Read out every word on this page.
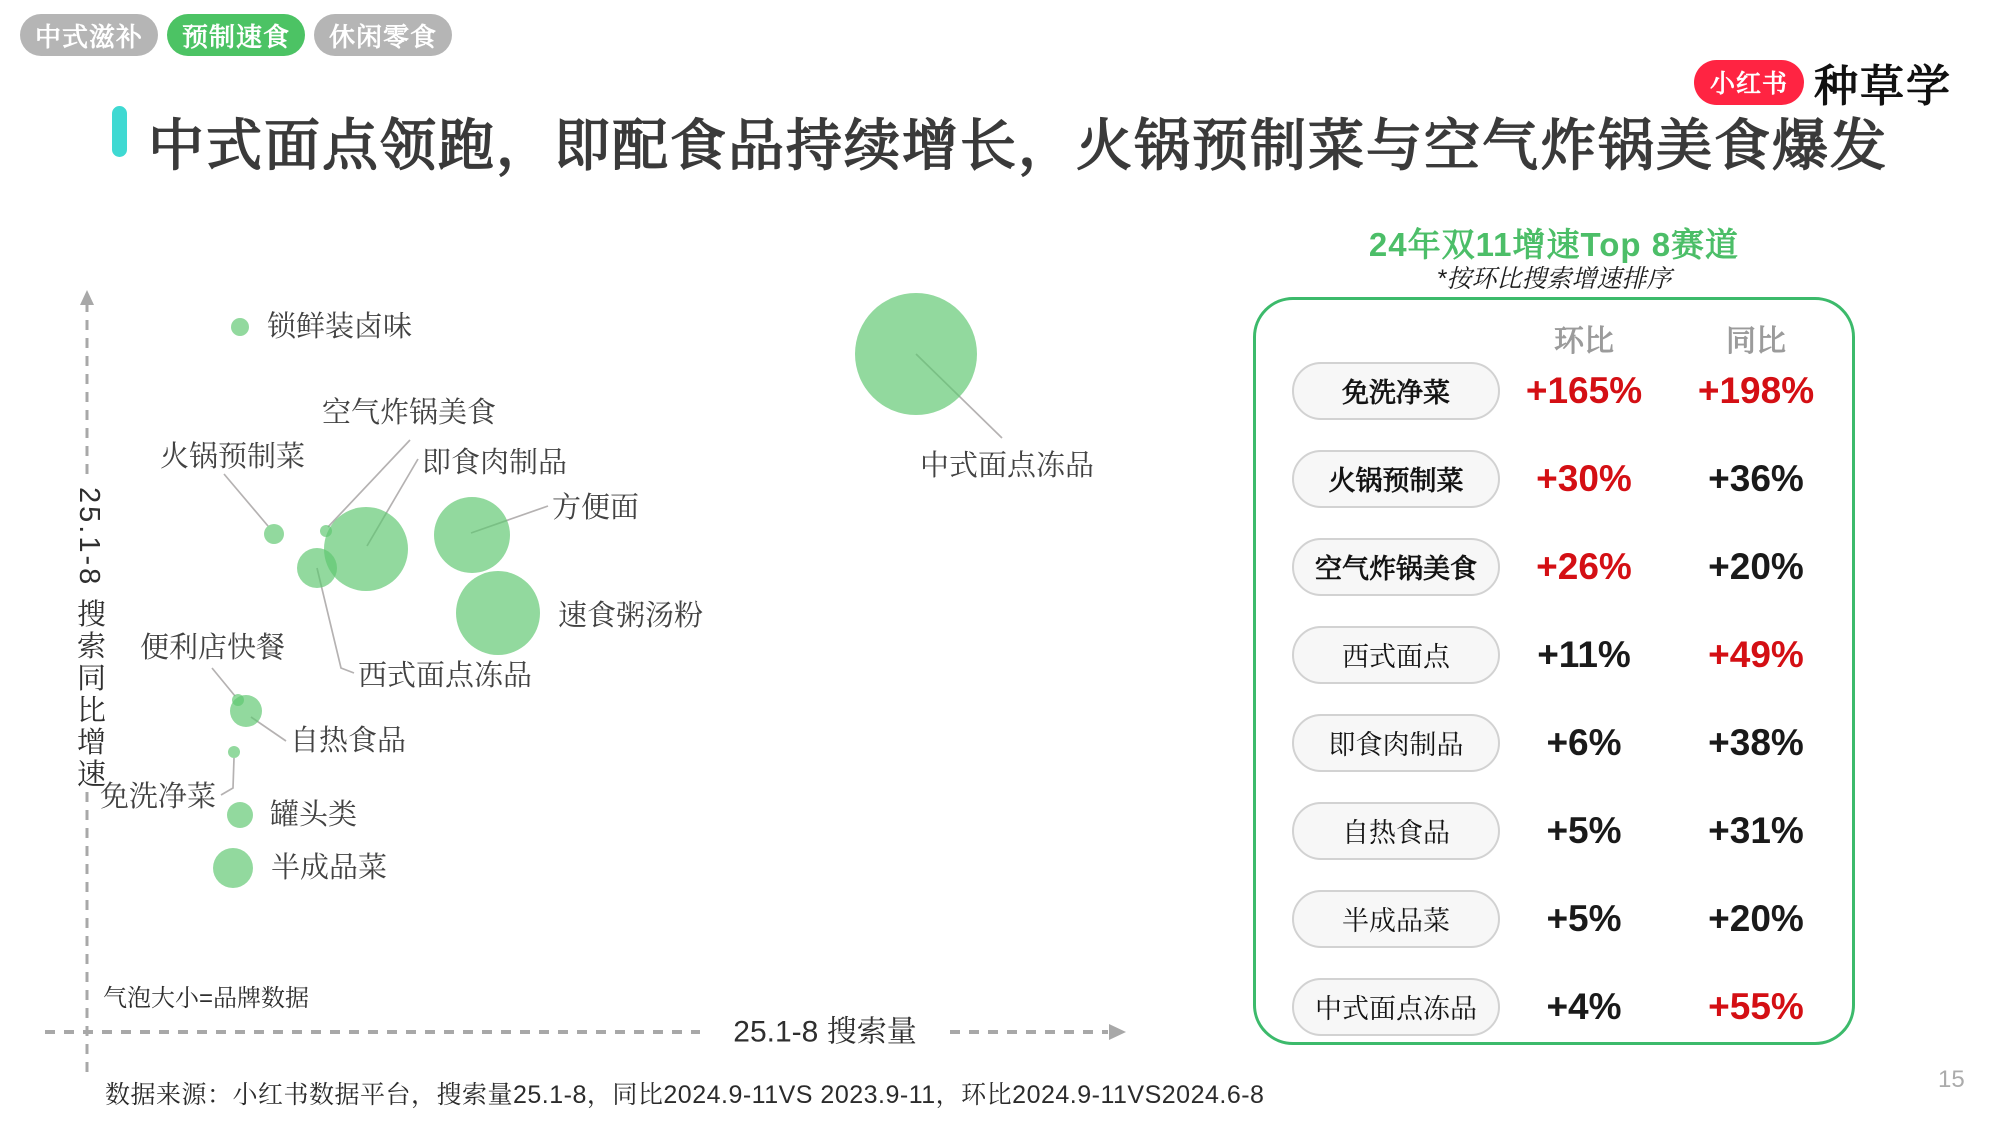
中式滋补	预制速食	休闲零食
小红书 种草学
中式面点领跑，即配食品持续增长，火锅预制菜与空气炸锅美食爆发
25.1-8 搜索量
锁鲜装卤味
中式面点冻品
火锅预制菜
空气炸锅美食
即食肉制品
方便面
速食粥汤粉
西式面点冻品
便利店快餐
自热食品
免洗净菜
罐头类
半成品菜
25.1-8 搜索同比增速
气泡大小=品牌数据
24年双11增速Top 8赛道
*按环比搜索增速排序
环比	同比
免洗净菜	+165%	+198%
火锅预制菜	+30%	+36%
空气炸锅美食	+26%	+20%
西式面点	+11%	+49%
即食肉制品	+6%	+38%
自热食品	+5%	+31%
半成品菜	+5%	+20%
中式面点冻品	+4%	+55%
数据来源：小红书数据平台，搜索量25.1-8，同比2024.9-11VS 2023.9-11，环比2024.9-11VS2024.6-8
15
